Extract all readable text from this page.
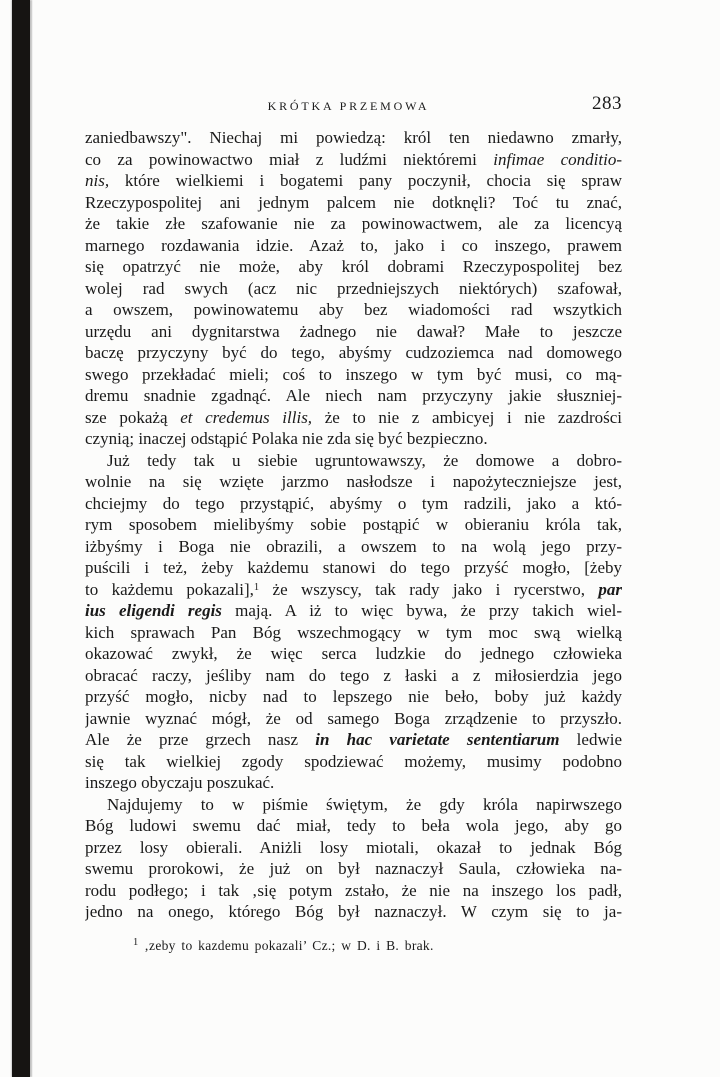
KRÓTKA PRZEMOWA	283
zaniedbawszy". Niechaj mi powiedzą: król ten niedawno zmarły,
co za powinowactwo miał z ludźmi niektóremi infimae conditio-
nis, które wielkiemi i bogatemi pany poczynił, chocia się spraw
Rzeczypospolitej ani jednym palcem nie dotknęli? Toć tu znać,
że takie złe szafowanie nie za powinowactwem, ale za licencyą
marnego rozdawania idzie. Azaż to, jako i co inszego, prawem
się opatrzyć nie może, aby król dobrami Rzeczypospolitej bez
wolej rad swych (acz nic przedniejszych niektórych) szafował,
a owszem, powinowatemu aby bez wiadomości rad wszytkich
urzędu ani dygnitarstwa żadnego nie dawał? Małe to jeszcze
baczę przyczyny być do tego, abyśmy cudzoziemca nad domowego
swego przekładać mieli; coś to inszego w tym być musi, co mą-
dremu snadnie zgadnąć. Ale niech nam przyczyny jakie słuszniej-
sze pokażą et credemus illis, że to nie z ambicyej i nie zazdrości
czynią; inaczej odstąpić Polaka nie zda się być bezpieczno.
Już tedy tak u siebie ugruntowawszy, że domowe a dobro-
wolnie na się wzięte jarzmo nasłodsze i napożyteczniejsze jest,
chciejmy do tego przystąpić, abyśmy o tym radzili, jako a któ-
rym sposobem mielibyśmy sobie postąpić w obieraniu króla tak,
iżbyśmy i Boga nie obrazili, a owszem to na wolą jego przy-
puścili i też, żeby każdemu stanowi do tego przyść mogło, [żeby
to każdemu pokazali],$^1$ że wszyscy, tak rady jako i rycerstwo, par
ius eligendi regis mają. A iż to więc bywa, że przy takich wiel-
kich sprawach Pan Bóg wszechmogący w tym moc swą wielką
okazować zwykł, że więc serca ludzkie do jednego człowieka
obracać raczy, jeśliby nam do tego z łaski a z miłosierdzia jego
przyść mogło, nicby nad to lepszego nie beło, boby już każdy
jawnie wyznać mógł, że od samego Boga zrządzenie to przyszło.
Ale że prze grzech nasz in hac varietate sententiarum ledwie
się tak wielkiej zgody spodziewać możemy, musimy podobno
inszego obyczaju poszukać.
Najdujemy to w piśmie świętym, że gdy króla napirwszego
Bóg ludowi swemu dać miał, tedy to beła wola jego, aby go
przez losy obierali. Aniżli losy miotali, okazał to jednak Bóg
swemu prorokowi, że już on był naznaczył Saula, człowieka na-
rodu podłego; i tak ‚się potym zstało, że nie na inszego los padł,
jedno na onego, którego Bóg był naznaczył. W czym się to ja-
$^1$ ‚zeby to kazdemu pokazali’ Cz.; w D. i B. brak.
